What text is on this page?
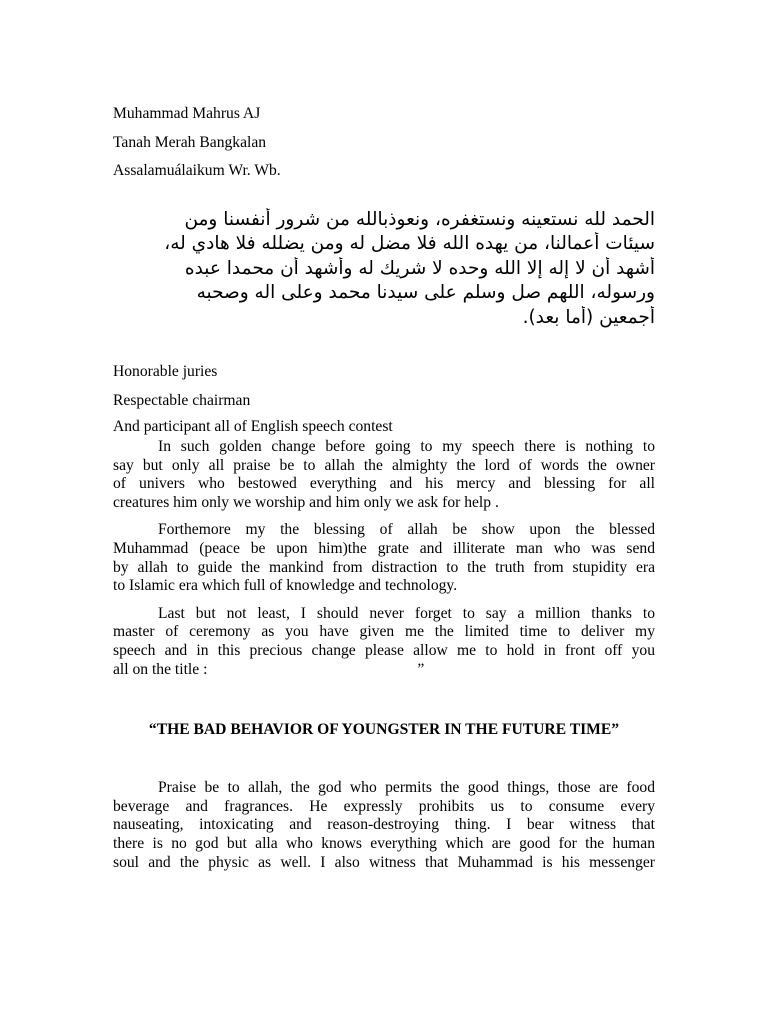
Muhammad Mahrus AJ

Tanah Merah Bangkalan

Assalamuálaikum Wr. Wb.

الحمد لله نستعينه ونستغفره، ونعوذبالله من شرور أنفسنا ومن

سيئات أعمالنا، من يهده الله فلا مضل له ومن يضلله فلا هادي له،

أشهد أن لا إله إلا الله وحده لا شريك له وأشهد أن محمدا عبده

ورسوله، اللهم صل وسلم على سيدنا محمد وعلى اله وصحبه

أجمعين (أما بعد).

Honorable juries

Respectable chairman

And participant all of English speech contest

In such golden change before going to my speech there is nothing to

say but only all praise be to allah the almighty the lord of words the owner

of univers who bestowed everything and his mercy and blessing for all

creatures him only we worship and him only we ask for help .

Forthemore my the blessing of allah be show upon the blessed

Muhammad (peace be upon him)the grate and illiterate man who was send

by allah to guide the mankind from distraction to the truth from stupidity era

to Islamic era which full of knowledge and technology.

Last but not least, I should never forget to say a million thanks to

master of ceremony as you have given me the limited time to deliver my

speech and in this precious change please allow me to hold in front off you

all on the title :	”

“THE BAD BEHAVIOR OF YOUNGSTER IN THE FUTURE TIME”

Praise be to allah, the god who permits the good things, those are food

beverage and fragrances. He expressly prohibits us to consume every

nauseating, intoxicating and reason-destroying thing. I bear witness that

there is no god but alla who knows everything which are good for the human

soul and the physic as well. I also witness that Muhammad is his messenger
